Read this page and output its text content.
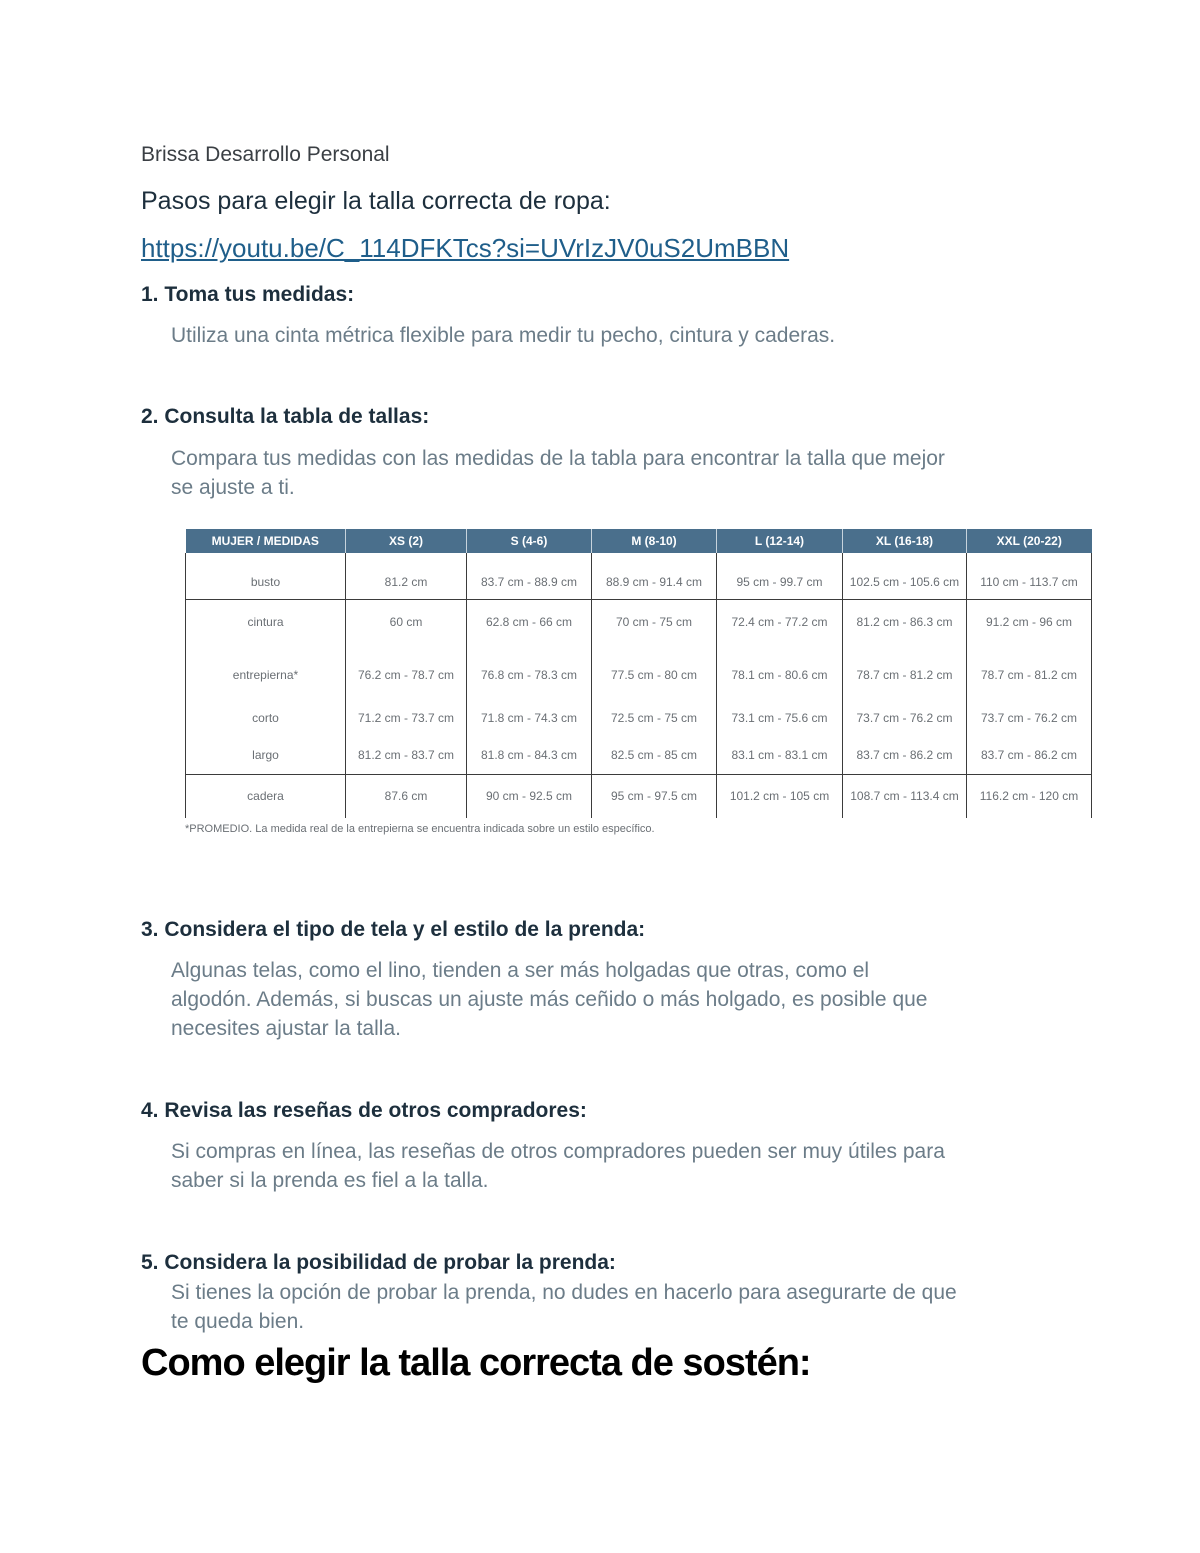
Brissa Desarrollo Personal
Pasos para elegir la talla correcta de ropa:
https://youtu.be/C_114DFKTcs?si=UVrIzJV0uS2UmBBN
1. Toma tus medidas:

Utiliza una cinta métrica flexible para medir tu pecho, cintura y caderas.

2. Consulta la tabla de tallas:

Compara tus medidas con las medidas de la tabla para encontrar la talla que mejor

se ajuste a ti.

MUJER / MEDIDAS	XS (2)	S (4-6)	M (8-10)	L (12-14)	XL (16-18)	XXL (20-22)
busto	81.2 cm	83.7 cm - 88.9 cm	88.9 cm - 91.4 cm	95 cm - 99.7 cm	102.5 cm - 105.6 cm	110 cm - 113.7 cm
cintura	60 cm	62.8 cm - 66 cm	70 cm - 75 cm	72.4 cm - 77.2 cm	81.2 cm - 86.3 cm	91.2 cm - 96 cm
entrepierna*	76.2 cm - 78.7 cm	76.8 cm - 78.3 cm	77.5 cm - 80 cm	78.1 cm - 80.6 cm	78.7 cm - 81.2 cm	78.7 cm - 81.2 cm
corto	71.2 cm - 73.7 cm	71.8 cm - 74.3 cm	72.5 cm - 75 cm	73.1 cm - 75.6 cm	73.7 cm - 76.2 cm	73.7 cm - 76.2 cm
largo	81.2 cm - 83.7 cm	81.8 cm - 84.3 cm	82.5 cm - 85 cm	83.1 cm - 83.1 cm	83.7 cm - 86.2 cm	83.7 cm - 86.2 cm
cadera	87.6 cm	90 cm - 92.5 cm	95 cm - 97.5 cm	101.2 cm - 105 cm	108.7 cm - 113.4 cm	116.2 cm - 120 cm
*PROMEDIO. La medida real de la entrepierna se encuentra indicada sobre un estilo específico.
3. Considera el tipo de tela y el estilo de la prenda:

Algunas telas, como el lino, tienden a ser más holgadas que otras, como el

algodón. Además, si buscas un ajuste más ceñido o más holgado, es posible que

necesites ajustar la talla.

4. Revisa las reseñas de otros compradores:

Si compras en línea, las reseñas de otros compradores pueden ser muy útiles para

saber si la prenda es fiel a la talla.

5. Considera la posibilidad de probar la prenda:

Si tienes la opción de probar la prenda, no dudes en hacerlo para asegurarte de que

te queda bien.

Como elegir la talla correcta de sostén:
